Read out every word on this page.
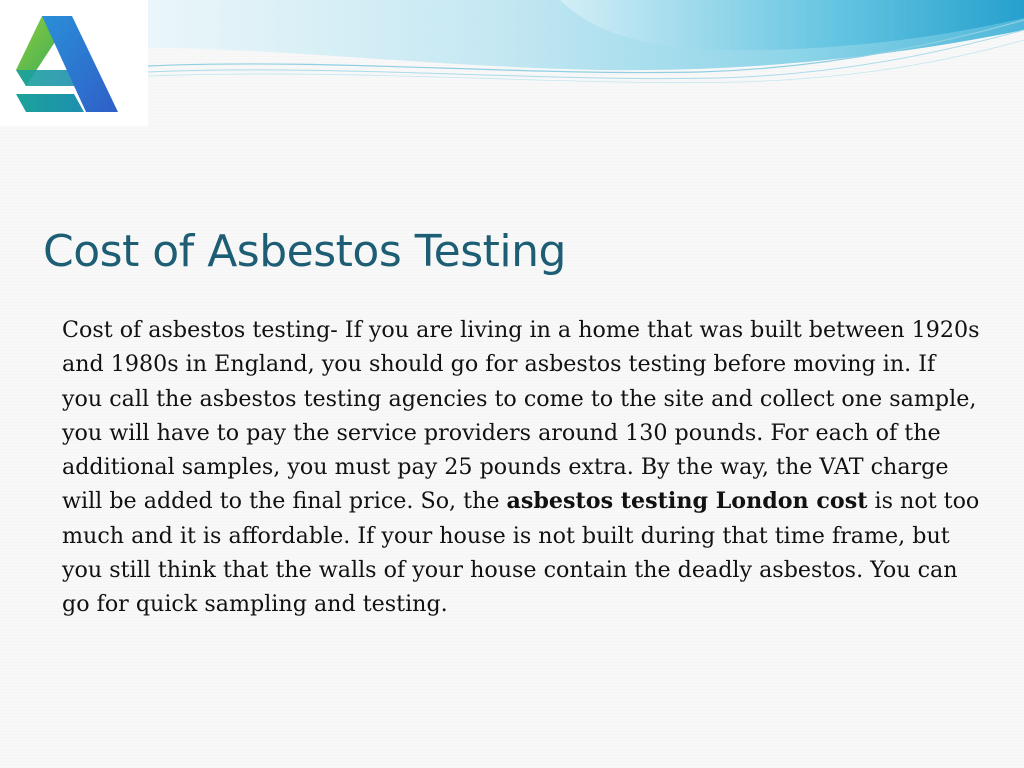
Cost of Asbestos Testing

Cost of asbestos testing- If you are living in a home that was built between 1920s and 1980s in England, you should go for asbestos testing before moving in. If you call the asbestos testing agencies to come to the site and collect one sample, you will have to pay the service providers around 130 pounds. For each of the additional samples, you must pay 25 pounds extra. By the way, the VAT charge will be added to the final price. So, the asbestos testing London cost is not too much and it is affordable. If your house is not built during that time frame, but you still think that the walls of your house contain the deadly asbestos. You can go for quick sampling and testing.
